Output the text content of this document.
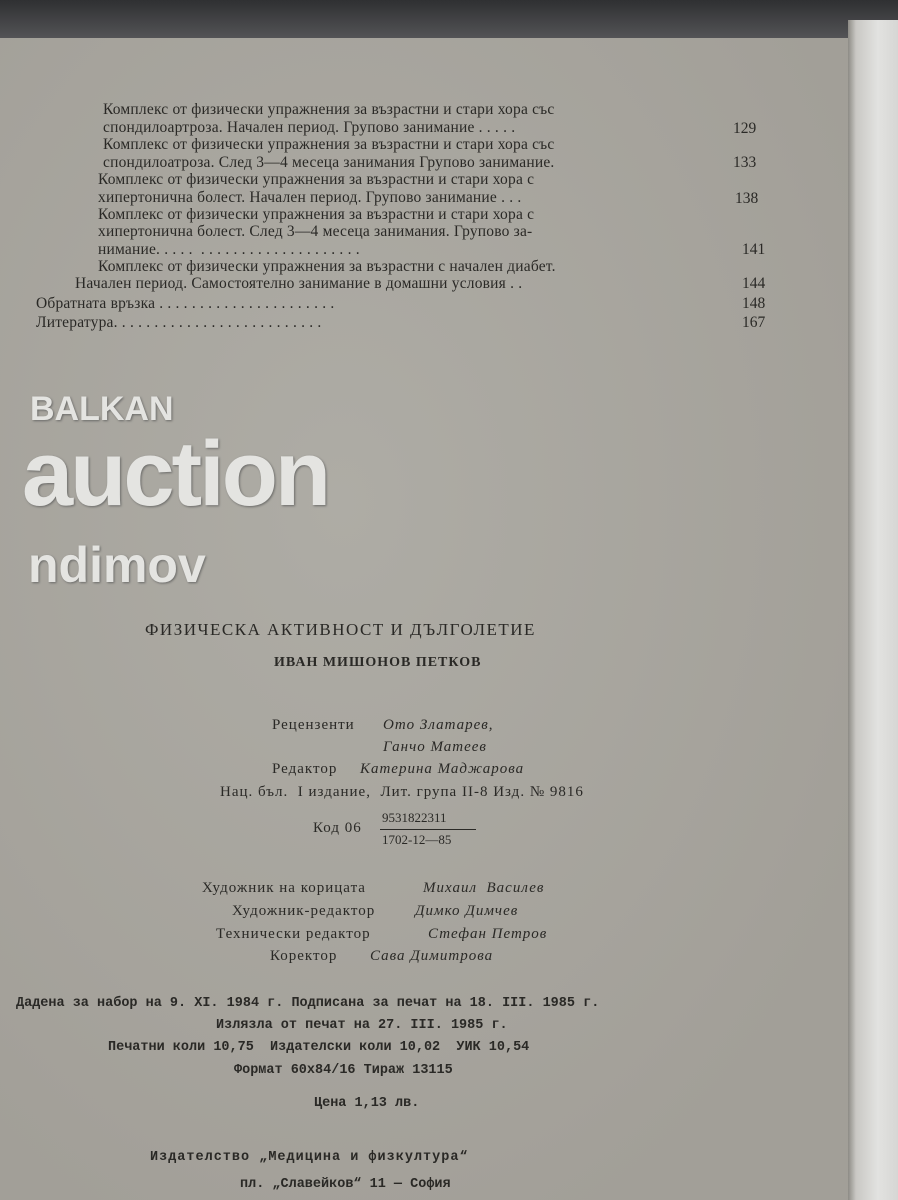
Комплекс от физически упражнения за възрастни и стари хора със
спондилоартроза. Начален период. Групово занимание . . . . .	129
Комплекс от физически упражнения за възрастни и стари хора със
спондилоатроза. След 3—4 месеца занимания Групово занимание.	133
Комплекс от физически упражнения за възрастни и стари хора с
хипертонична болест. Начален период. Групово занимание . . .	138
Комплекс от физически упражнения за възрастни и стари хора с
хипертонична болест. След 3—4 месеца занимания. Групово за-
нимание. . . . .  . . . . . . . . . . . . . . . . . . . .	141
Комплекс от физически упражнения за възрастни с начален диабет.
Начален период. Самостоятелно занимание в домашни условия . .	144
Обратната връзка . . . . . . . . . . . . . . . . . . . . . .	148
Литература. . . . . . . . . . . . . . . . . . . . . . . . . .	167
BALKAN
auction
ndimov
ФИЗИЧЕСКА АКТИВНОСТ И ДЪЛГОЛЕТИЕ
ИВАН МИШОНОВ ПЕТКОВ
Рецензенти Ото Златарев,
Ганчо Матеев
Редактор Катерина Маджарова
Нац. бъл.  I издание,  Лит. група II-8 Изд. № 9816
Код 06
9531822311
1702-12—85
Художник на корицата	Михаил  Василев
Художник-редактор	Димко Димчев
Технически редактор	Стефан Петров
Коректор Сава Димитрова
Дадена за набор на 9. XI. 1984 г. Подписана за печат на 18. III. 1985 г.
Излязла от печат на 27. III. 1985 г.
Печатни коли 10,75  Издателски коли 10,02  УИК 10,54
Формат 60x84/16 Тираж 13115
Цена 1,13 лв.
Издателство „Медицина и физкултура“
пл. „Славейков“ 11 — София
